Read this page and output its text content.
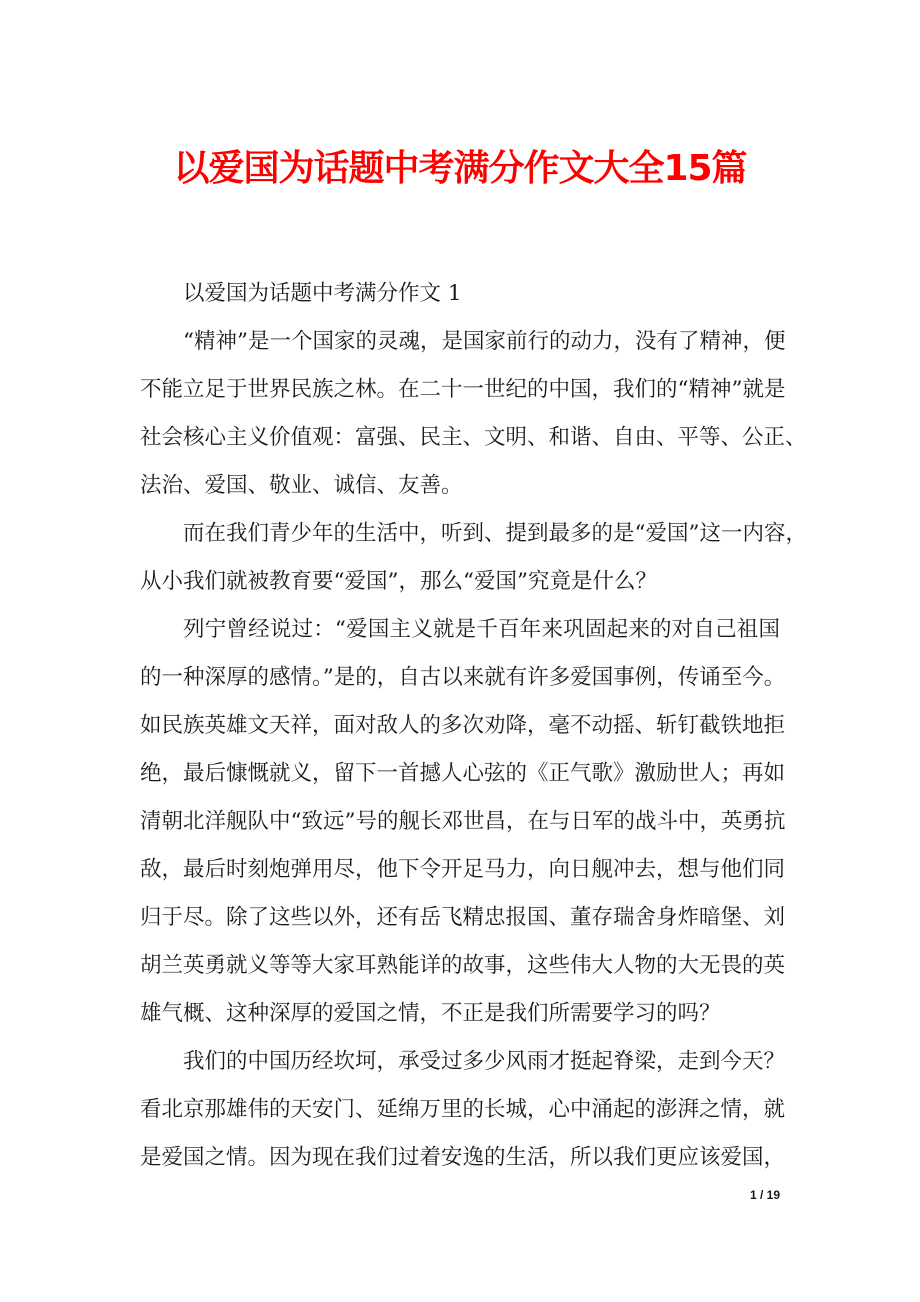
以爱国为话题中考满分作文大全15篇
以爱国为话题中考满分作文 1
“精神”是一个国家的灵魂，是国家前行的动力，没有了精神，便
不能立足于世界民族之林。在二十一世纪的中国，我们的“精神”就是
社会核心主义价值观：富强、民主、文明、和谐、自由、平等、公正、
法治、爱国、敬业、诚信、友善。
而在我们青少年的生活中，听到、提到最多的是“爱国”这一内容，
从小我们就被教育要“爱国”，那么“爱国”究竟是什么？
列宁曾经说过：“爱国主义就是千百年来巩固起来的对自己祖国
的一种深厚的感情。”是的，自古以来就有许多爱国事例，传诵至今。
如民族英雄文天祥，面对敌人的多次劝降，毫不动摇、斩钉截铁地拒
绝，最后慷慨就义，留下一首撼人心弦的《正气歌》激励世人；再如
清朝北洋舰队中“致远”号的舰长邓世昌，在与日军的战斗中，英勇抗
敌，最后时刻炮弹用尽，他下令开足马力，向日舰冲去，想与他们同
归于尽。除了这些以外，还有岳飞精忠报国、董存瑞舍身炸暗堡、刘
胡兰英勇就义等等大家耳熟能详的故事，这些伟大人物的大无畏的英
雄气概、这种深厚的爱国之情，不正是我们所需要学习的吗？
我们的中国历经坎坷，承受过多少风雨才挺起脊梁，走到今天？
看北京那雄伟的天安门、延绵万里的长城，心中涌起的澎湃之情，就
是爱国之情。因为现在我们过着安逸的生活，所以我们更应该爱国，
1 / 19
